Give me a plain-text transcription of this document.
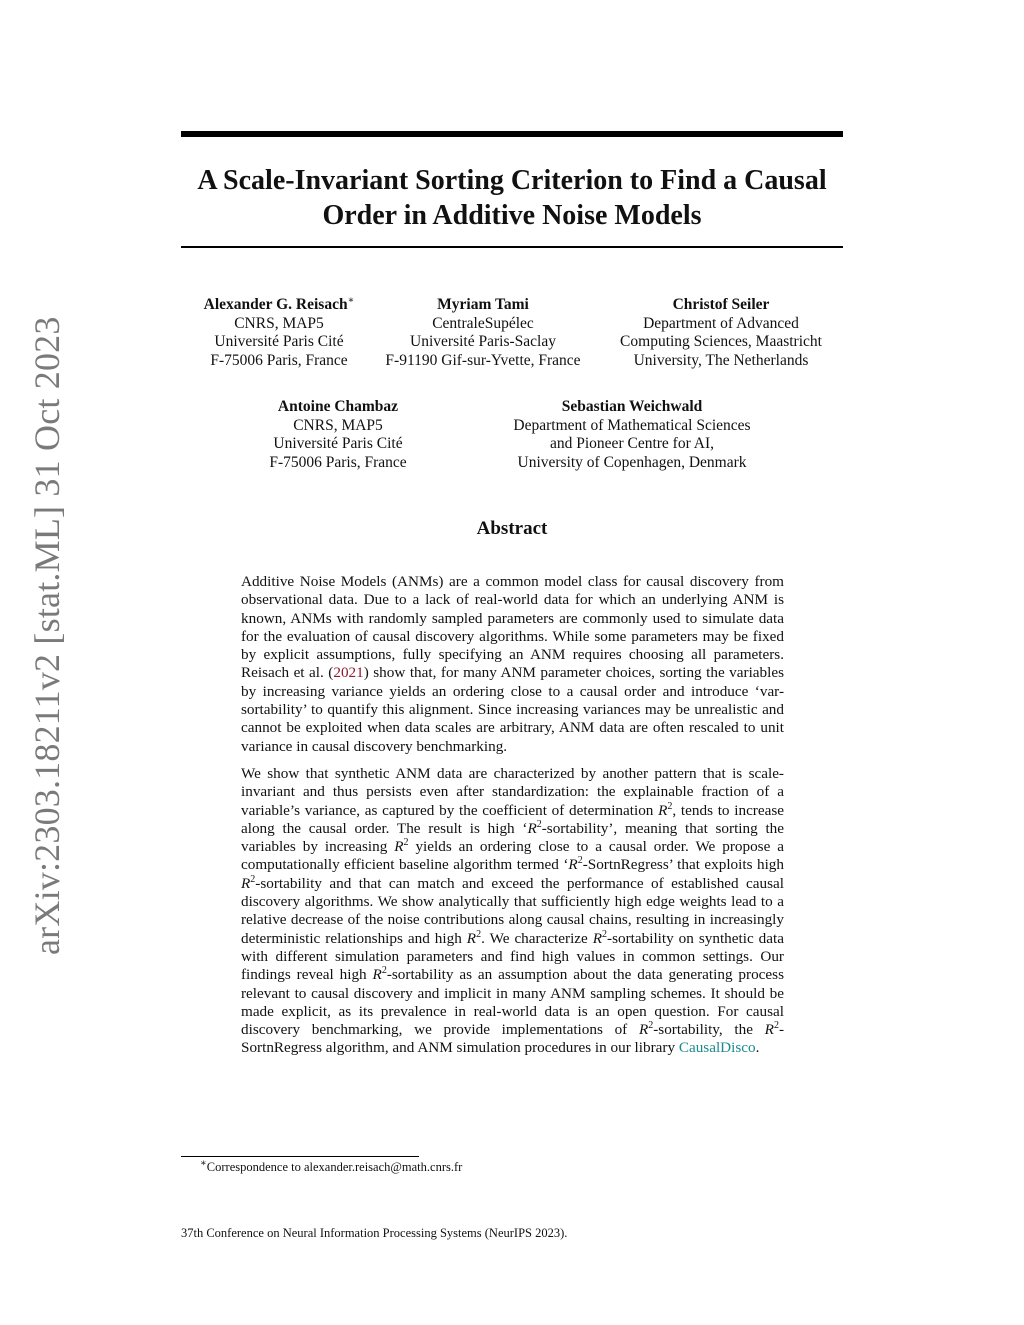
arXiv:2303.18211v2 [stat.ML] 31 Oct 2023
A Scale-Invariant Sorting Criterion to Find a Causal
Order in Additive Noise Models
Alexander G. Reisach∗
CNRS, MAP5
Université Paris Cité
F-75006 Paris, France
Myriam Tami
CentraleSupélec
Université Paris-Saclay
F-91190 Gif-sur-Yvette, France
Christof Seiler
Department of Advanced
Computing Sciences, Maastricht
University, The Netherlands
Antoine Chambaz
CNRS, MAP5
Université Paris Cité
F-75006 Paris, France
Sebastian Weichwald
Department of Mathematical Sciences
and Pioneer Centre for AI,
University of Copenhagen, Denmark
Abstract

Additive Noise Models (ANMs) are a common model class for causal discovery from observational data. Due to a lack of real-world data for which an underlying ANM is known, ANMs with randomly sampled parameters are commonly used to simulate data for the evaluation of causal discovery algorithms. While some parameters may be fixed by explicit assumptions, fully specifying an ANM requires choosing all parameters. Reisach et al. (2021) show that, for many ANM parameter choices, sorting the variables by increasing variance yields an ordering close to a causal order and introduce ‘var-sortability’ to quantify this alignment. Since increasing variances may be unrealistic and cannot be exploited when data scales are arbitrary, ANM data are often rescaled to unit variance in causal discovery benchmarking.

We show that synthetic ANM data are characterized by another pattern that is scale-invariant and thus persists even after standardization: the explainable fraction of a variable’s variance, as captured by the coefficient of determination $R^2$, tends to increase along the causal order. The result is high ‘$R^2$-sortability’, meaning that sorting the variables by increasing $R^2$ yields an ordering close to a causal order. We propose a computationally efficient baseline algorithm termed ‘$R^2$-SortnRegress’ that exploits high $R^2$-sortability and that can match and exceed the performance of established causal discovery algorithms. We show analytically that sufficiently high edge weights lead to a relative decrease of the noise contributions along causal chains, resulting in increasingly deterministic relationships and high $R^2$. We characterize $R^2$-sortability on synthetic data with different simulation parameters and find high values in common settings. Our findings reveal high $R^2$-sortability as an assumption about the data generating process relevant to causal discovery and implicit in many ANM sampling schemes. It should be made explicit, as its prevalence in real-world data is an open question. For causal discovery benchmarking, we provide implementations of $R^2$-sortability, the $R^2$-SortnRegress algorithm, and ANM simulation procedures in our library CausalDisco.

∗Correspondence to alexander.reisach@math.cnrs.fr
37th Conference on Neural Information Processing Systems (NeurIPS 2023).
